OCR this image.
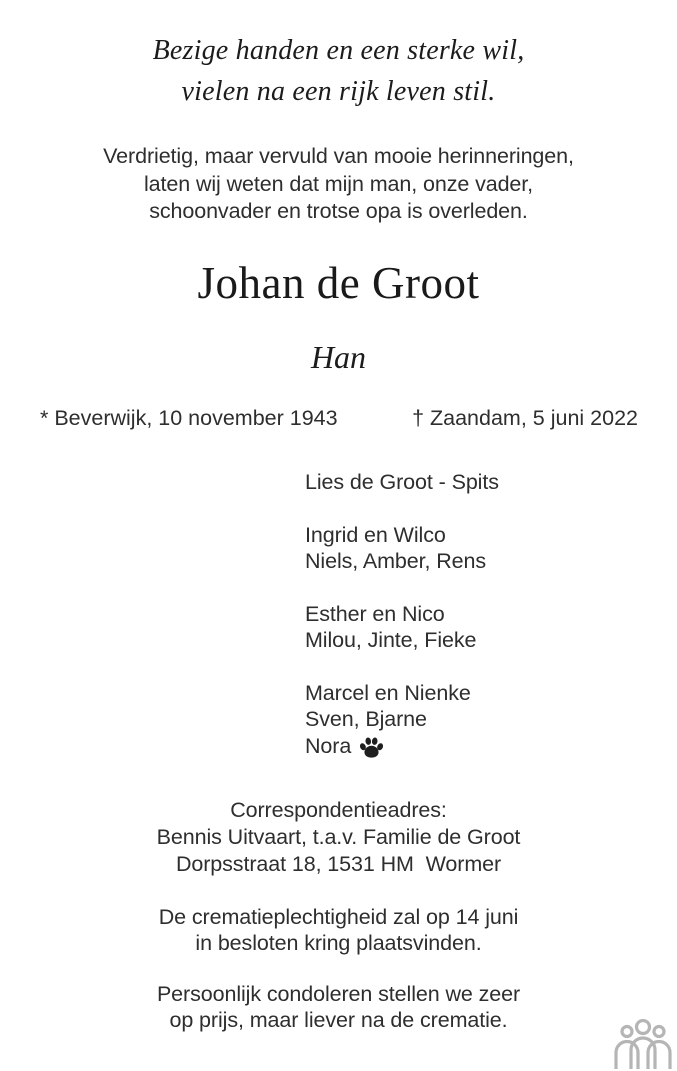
Bezige handen en een sterke wil,
vielen na een rijk leven stil.
Verdrietig, maar vervuld van mooie herinneringen,
laten wij weten dat mijn man, onze vader,
schoonvader en trotse opa is overleden.
Johan de Groot
Han
* Beverwijk, 10 november 1943	† Zaandam, 5 juni 2022
Lies de Groot - Spits
Ingrid en Wilco
Niels, Amber, Rens
Esther en Nico
Milou, Jinte, Fieke
Marcel en Nienke
Sven, Bjarne
Nora
Correspondentieadres:
Bennis Uitvaart, t.a.v. Familie de Groot
Dorpsstraat 18, 1531 HM  Wormer
De crematieplechtigheid zal op 14 juni
in besloten kring plaatsvinden.
Persoonlijk condoleren stellen we zeer
op prijs, maar liever na de crematie.
